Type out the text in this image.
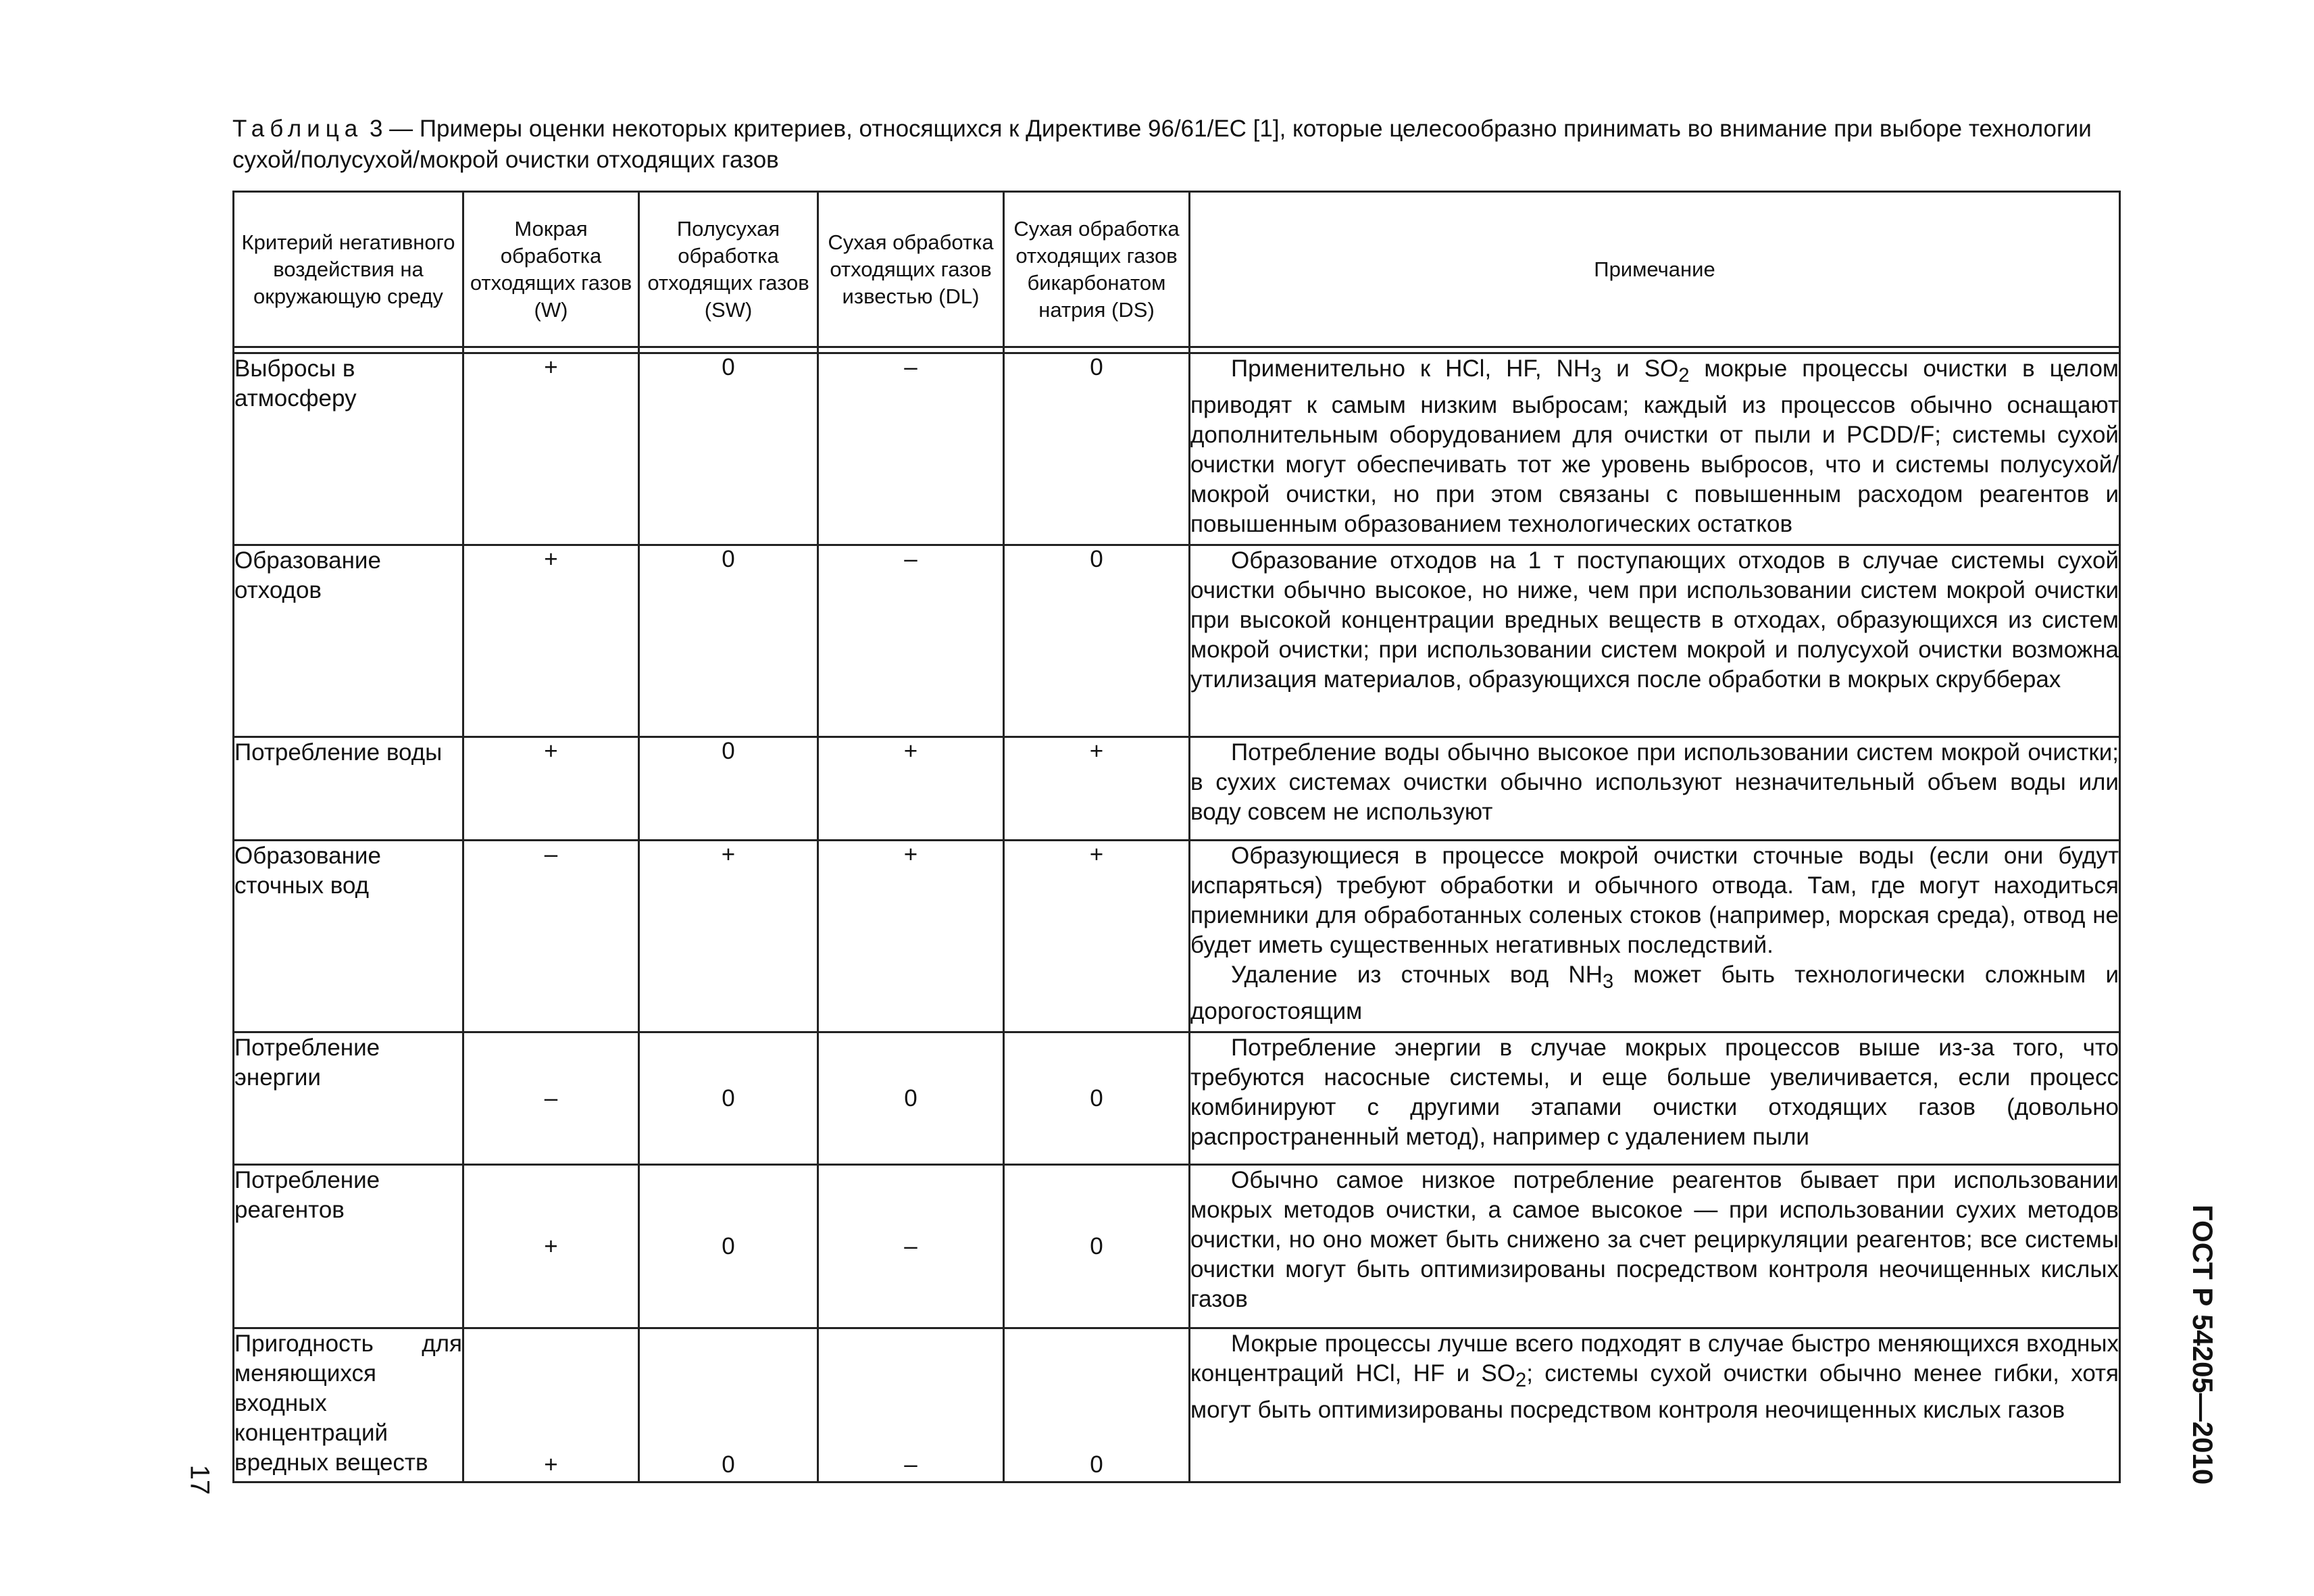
Таблица 3 — Примеры оценки некоторых критериев, относящихся к Директиве 96/61/ЕС [1], которые целесообразно принимать во внимание при выборе технологии сухой/полусухой/мокрой очистки отходящих газов
Критерий негативного воздействия на окружающую среду	Мокрая обработка отходящих газов (W)	Полусухая обработка отходящих газов (SW)	Сухая обработка отходящих газов известью (DL)	Сухая обработка отходящих газов бикарбонатом натрия (DS)	Примечание

Выбросы в атмосферу	+	0	–	0	Применительно к HCl, HF, $NH_3$ и $SO_2$ мокрые процессы очистки в целом приводят к самым низким выбросам; каждый из процессов обычно оснащают дополнительным оборудованием для очистки от пыли и PCDD/F; системы сухой очистки могут обеспечивать тот же уровень выбросов, что и системы полусухой/мокрой очистки, но при этом связаны с повышенным расходом реагентов и повышенным образованием технологических остатков

Образование отходов	+	0	–	0	Образование отходов на 1 т поступающих отходов в случае системы сухой очистки обычно высокое, но ниже, чем при использовании систем мокрой очистки при высокой концентрации вредных веществ в отходах, образующихся из систем мокрой очистки; при использовании систем мокрой и полусухой очистки возможна утилизация материалов, образующихся после обработки в мокрых скрубберах

Потребление воды	+	0	+	+	Потребление воды обычно высокое при использовании систем мокрой очистки; в сухих системах очистки обычно используют незначительный объем воды или воду совсем не используют

Образование сточных вод	–	+	+	+	Образующиеся в процессе мокрой очистки сточные воды (если они будут испаряться) требуют обработки и обычного отвода. Там, где могут находиться приемники для обработанных соленых стоков (например, морская среда), отвод не будет иметь существенных негативных последствий.

Удаление из сточных вод $NH_3$ может быть технологически сложным и дорогостоящим

Потребление энергии	–	0	0	0	Потребление энергии в случае мокрых процессов выше из-за того, что требуются насосные системы, и еще больше увеличивается, если процесс комбинируют с другими этапами очистки отходящих газов (довольно распространенный метод), например с удалением пыли

Потребление реагентов	+	0	–	0	Обычно самое низкое потребление реагентов бывает при использовании мокрых методов очистки, а самое высокое — при использовании сухих методов очистки, но оно может быть снижено за счет рециркуляции реагентов; все системы очистки могут быть оптимизированы посредством контроля неочищенных кислых газов

Пригодность для меняющихся входных концентраций вредных веществ	+	0	–	0	Мокрые процессы лучше всего подходят в случае быстро меняющихся входных концентраций HCl, HF и $SO_2$; системы сухой очистки обычно менее гибки, хотя могут быть оптимизированы посредством контроля неочищенных кислых газов	ГОСТ Р 54205—2010
17
